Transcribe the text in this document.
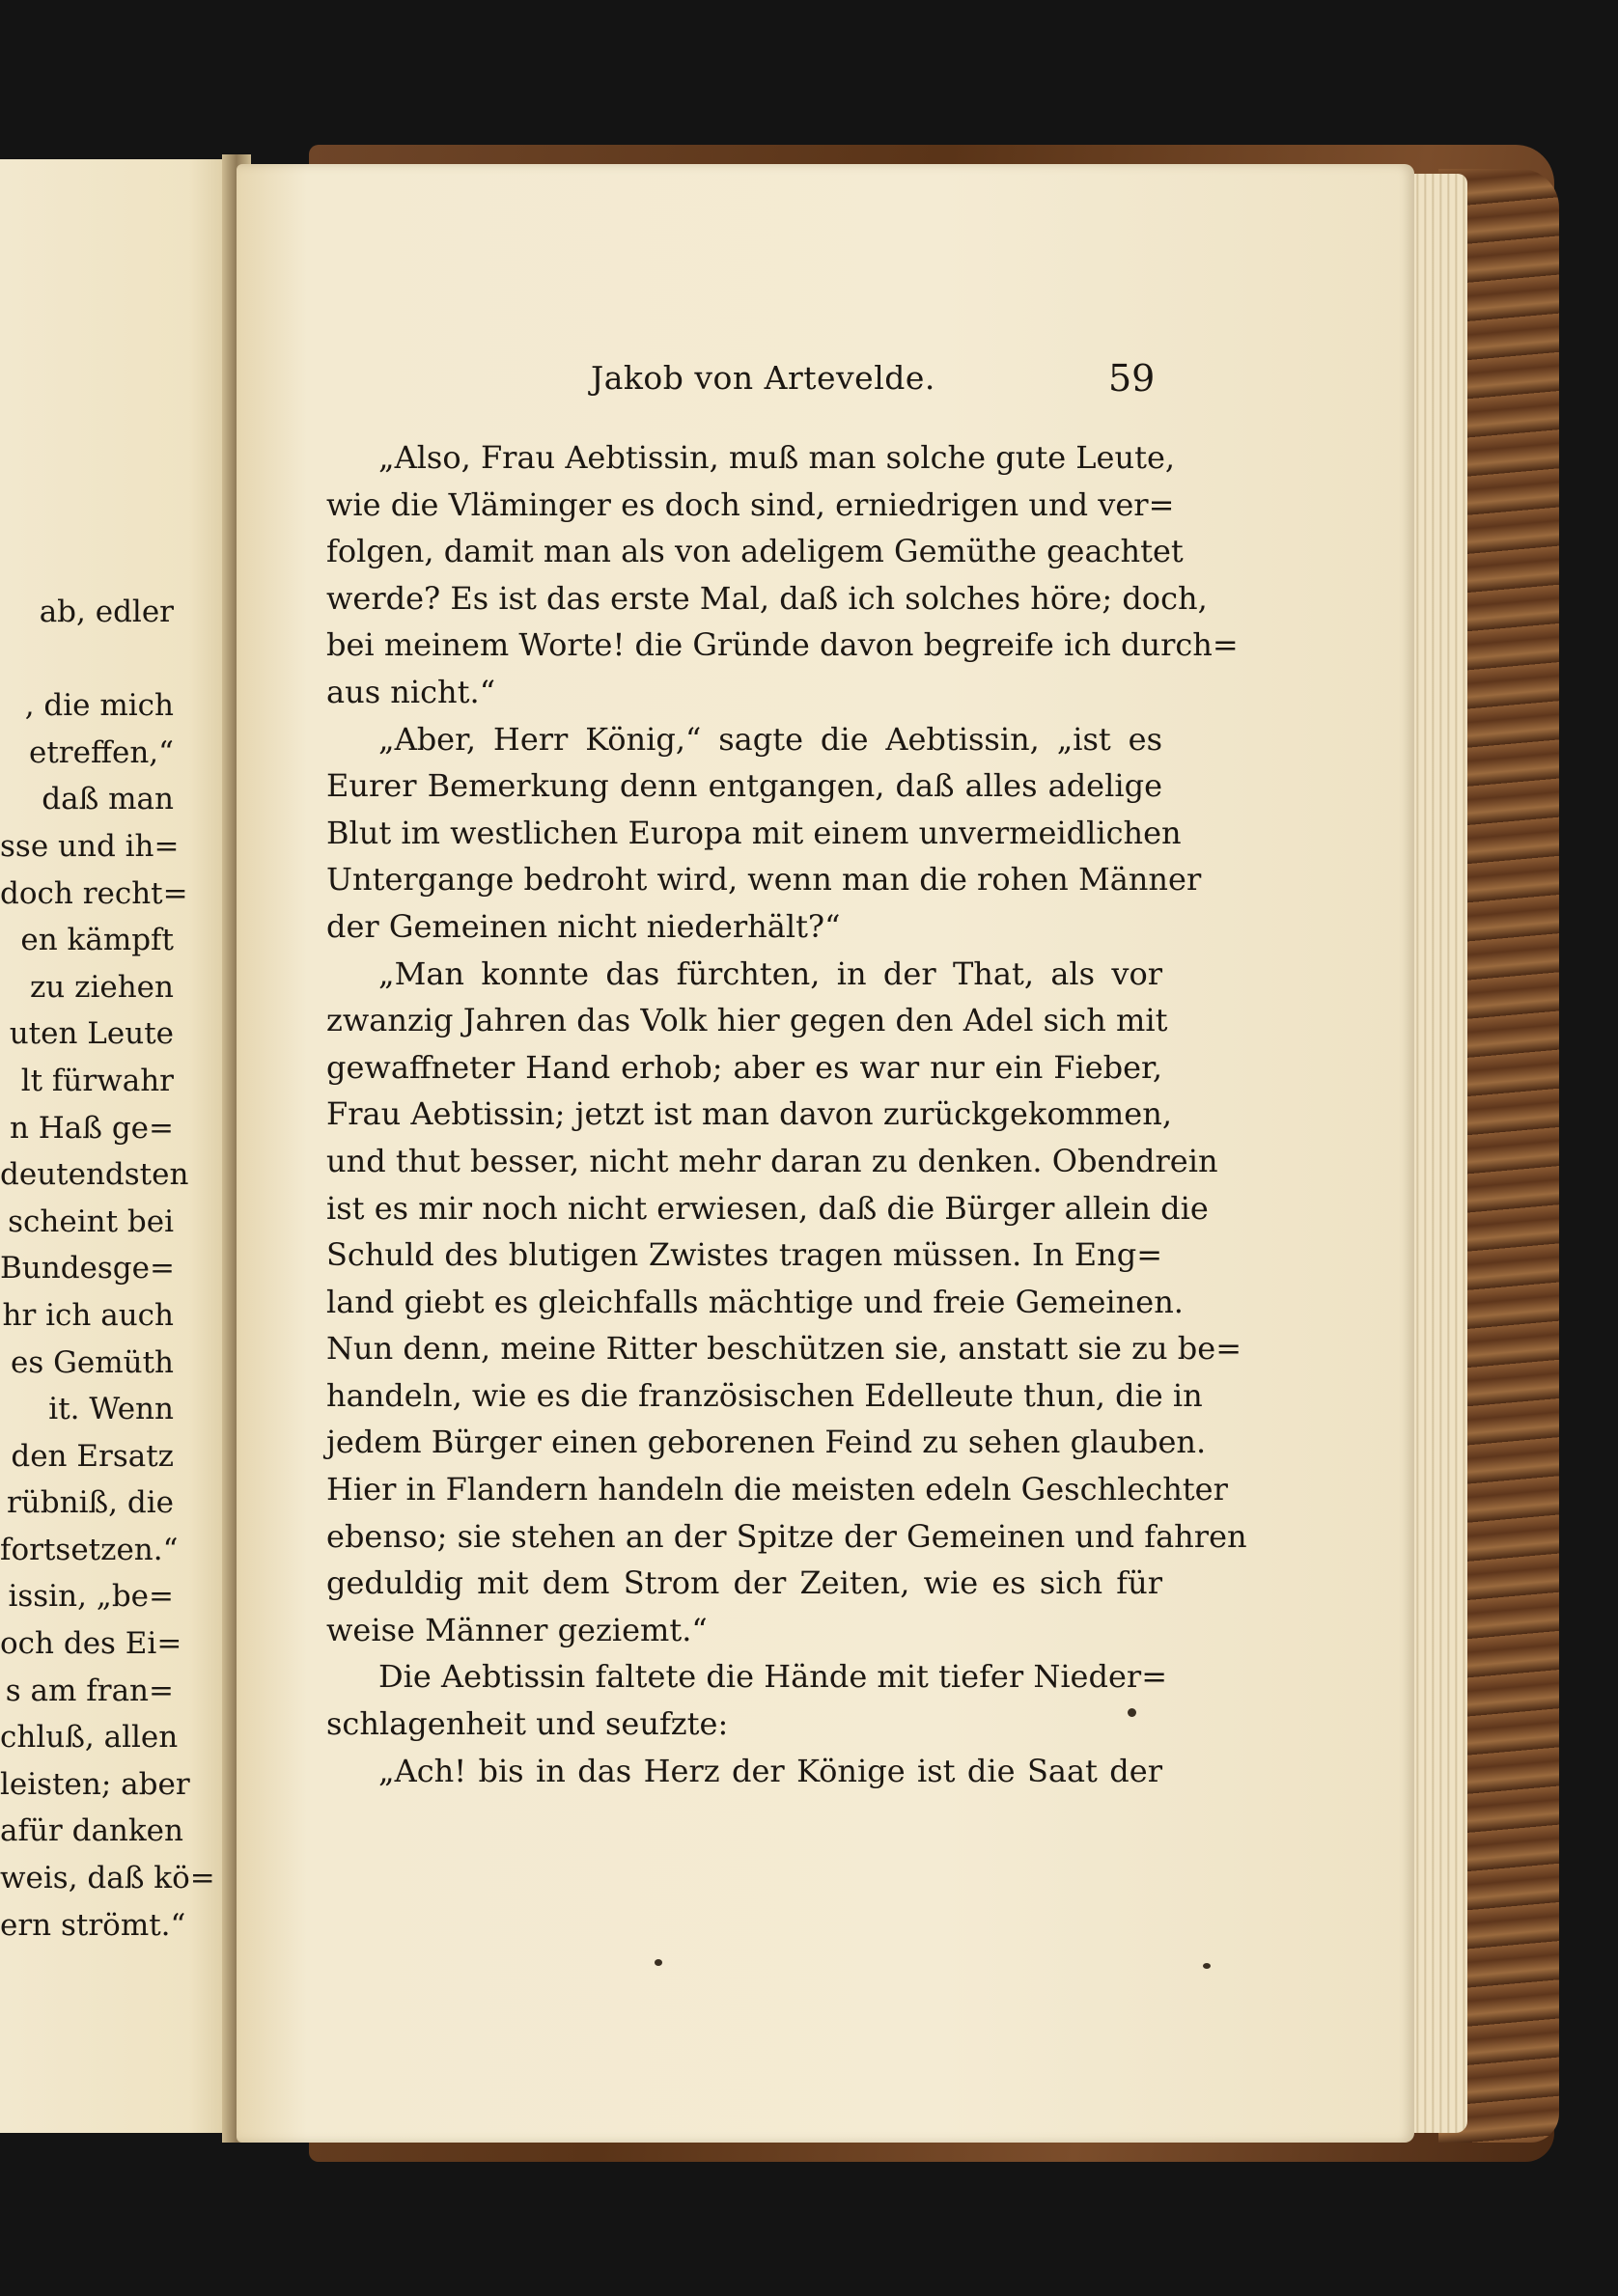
ab, edler
, die mich
etreffen,“
daß man
sse und ih=
doch recht=
en kämpft
zu ziehen
uten Leute
lt fürwahr
n Haß ge=
deutendsten
scheint bei
Bundesge=
hr ich auch
es Gemüth
it. Wenn
den Ersatz
rübniß, die
fortsetzen.“
issin, „be=
och des Ei=
s am fran=
chluß, allen
leisten; aber
afür danken
weis, daß kö=
ern strömt.“
Jakob von Artevelde.	59
„Also, Frau Aebtissin, muß man solche gute Leute,
wie die Vläminger es doch sind, erniedrigen und ver=
folgen, damit man als von adeligem Gemüthe geachtet
werde? Es ist das erste Mal, daß ich solches höre; doch,
bei meinem Worte! die Gründe davon begreife ich durch=
aus nicht.“
„Aber, Herr König,“ sagte die Aebtissin, „ist es
Eurer Bemerkung denn entgangen, daß alles adelige
Blut im westlichen Europa mit einem unvermeidlichen
Untergange bedroht wird, wenn man die rohen Männer
der Gemeinen nicht niederhält?“
„Man konnte das fürchten, in der That, als vor
zwanzig Jahren das Volk hier gegen den Adel sich mit
gewaffneter Hand erhob; aber es war nur ein Fieber,
Frau Aebtissin; jetzt ist man davon zurückgekommen,
und thut besser, nicht mehr daran zu denken. Obendrein
ist es mir noch nicht erwiesen, daß die Bürger allein die
Schuld des blutigen Zwistes tragen müssen. In Eng=
land giebt es gleichfalls mächtige und freie Gemeinen.
Nun denn, meine Ritter beschützen sie, anstatt sie zu be=
handeln, wie es die französischen Edelleute thun, die in
jedem Bürger einen geborenen Feind zu sehen glauben.
Hier in Flandern handeln die meisten edeln Geschlechter
ebenso; sie stehen an der Spitze der Gemeinen und fahren
geduldig mit dem Strom der Zeiten, wie es sich für
weise Männer geziemt.“
Die Aebtissin faltete die Hände mit tiefer Nieder=
schlagenheit und seufzte:
„Ach! bis in das Herz der Könige ist die Saat der
